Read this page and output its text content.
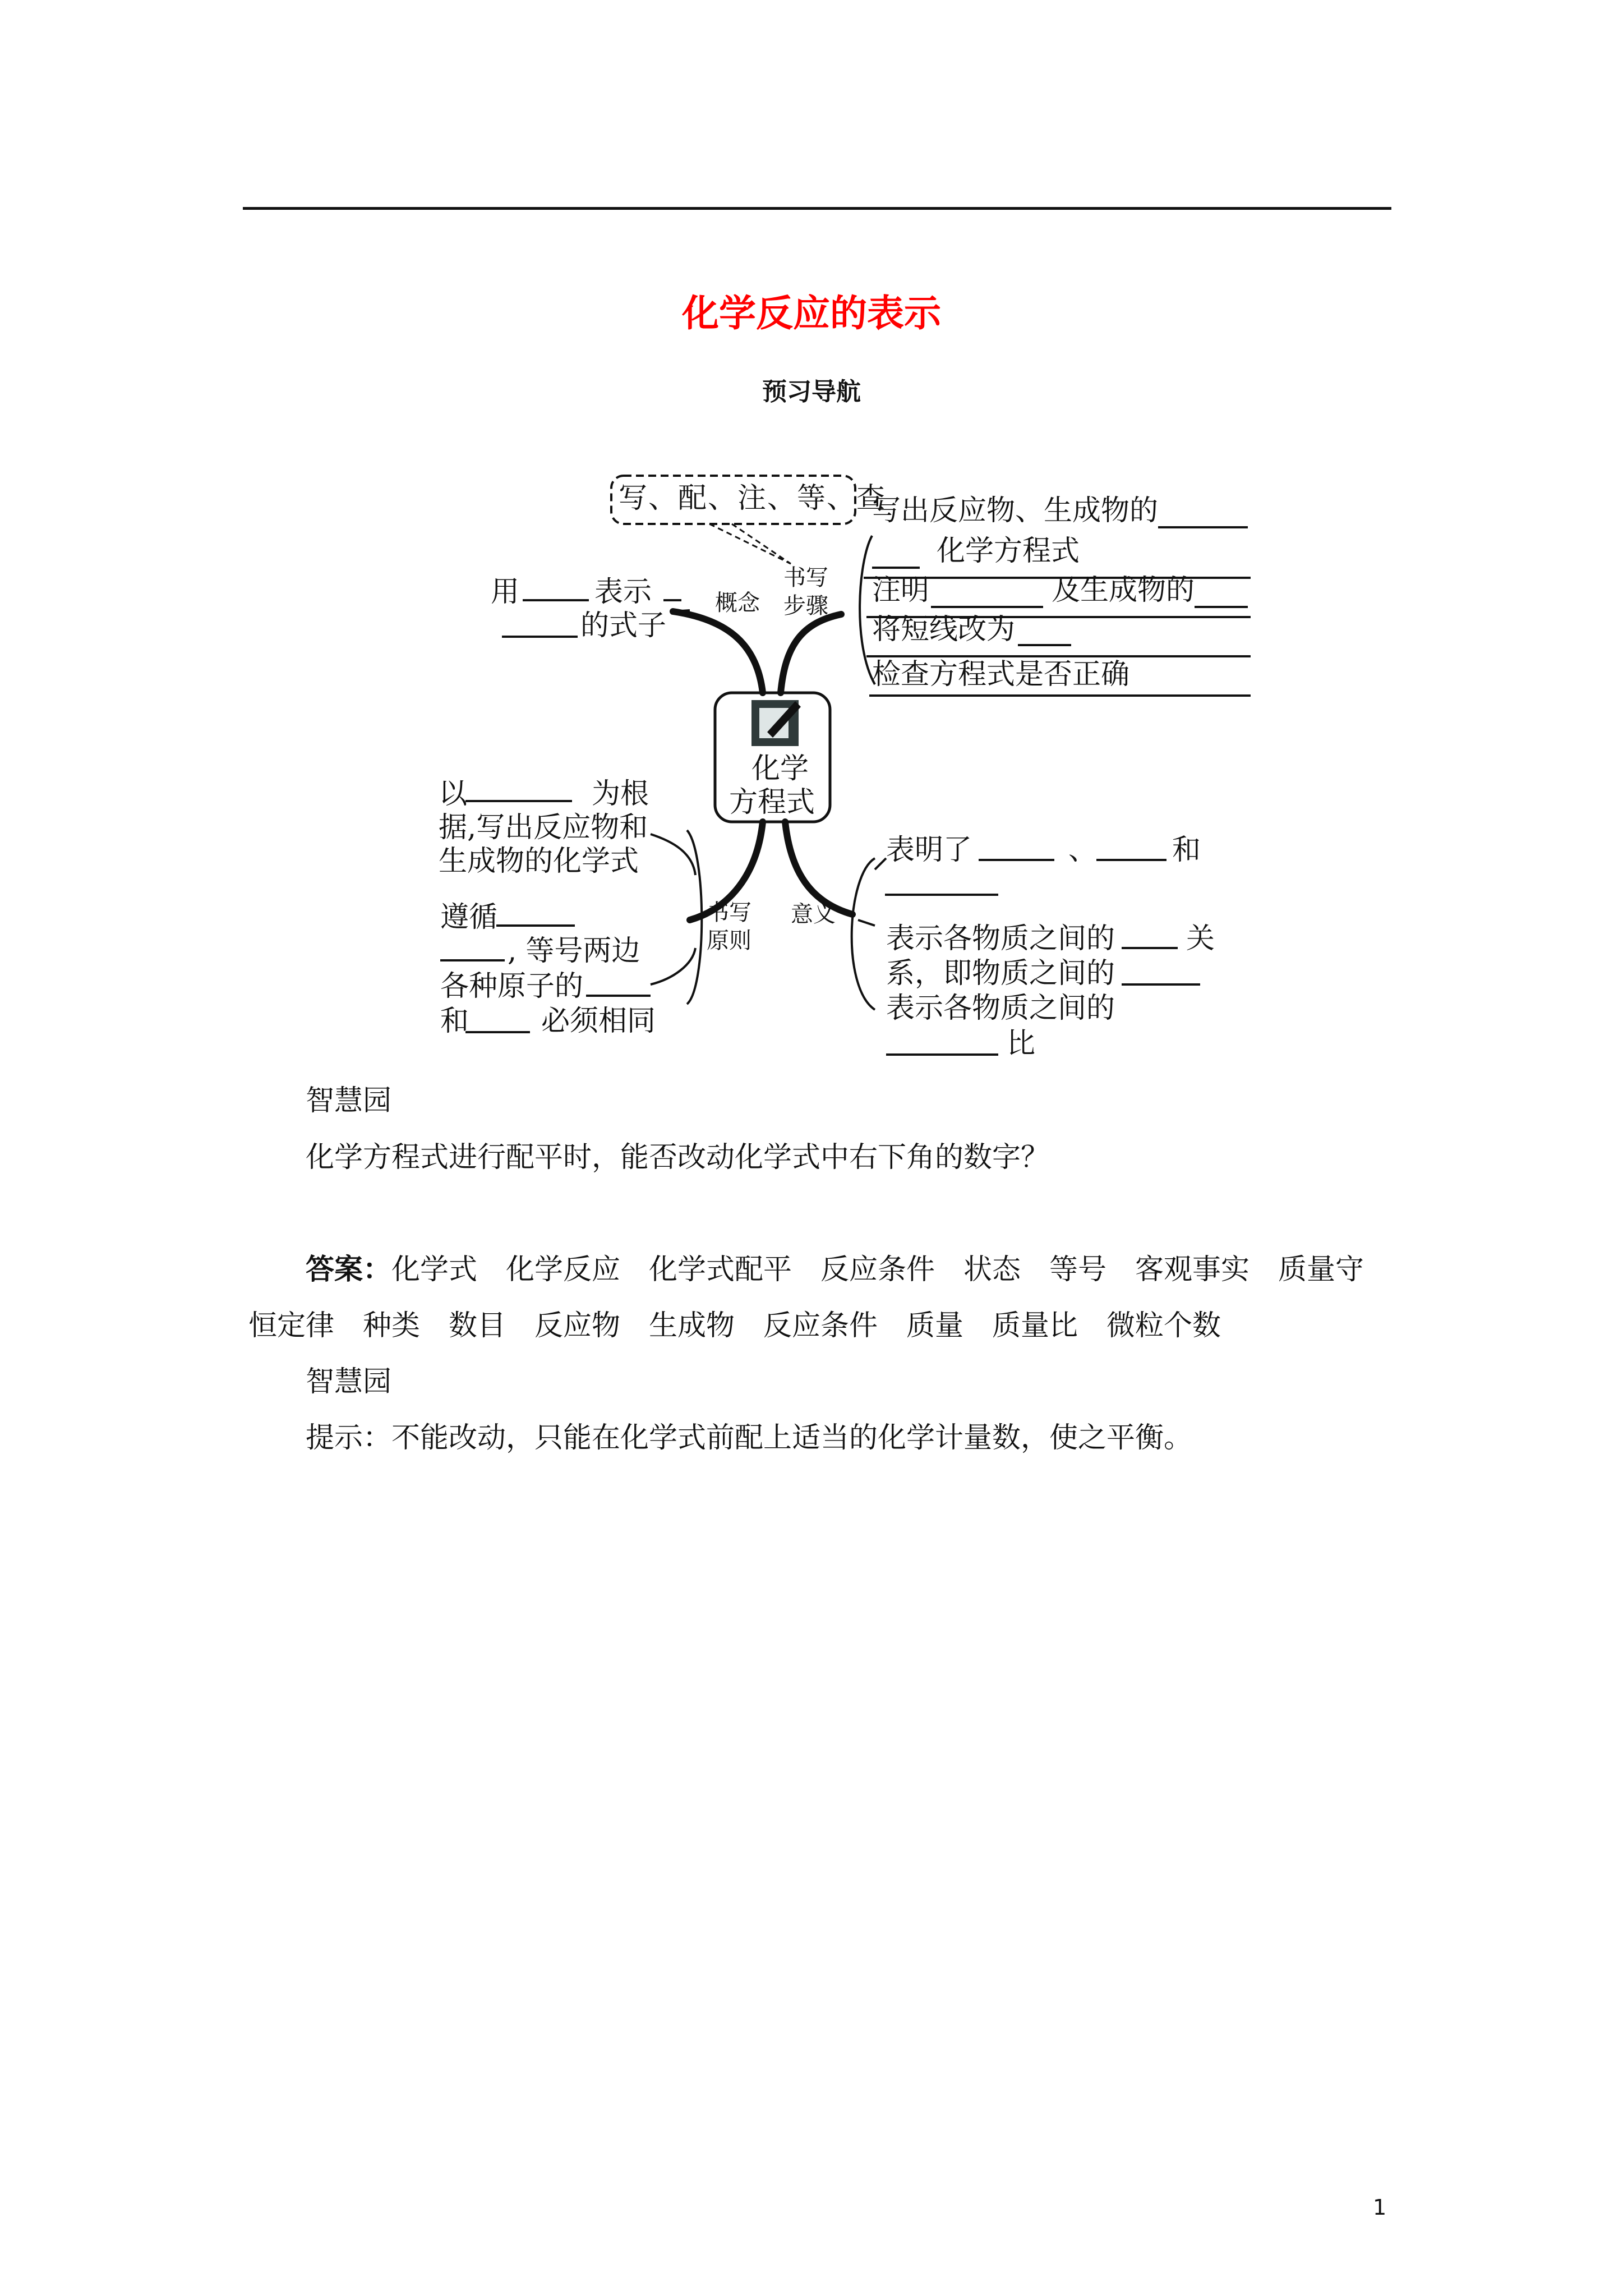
化学反应的表示
预习导航
化学
方程式
写、配、注、等、查
概念
书写
步骤
书写
原则
意义
写出反应物、生成物的
化学方程式
注明	及生成物的
将短线改为
检查方程式是否正确
用	表示
的式子
以	为根
据,写出反应物和
生成物的化学式
遵循
, 等号两边
各种原子的
和	必须相同
表明了	、	和
表示各物质之间的 关
系，即物质之间的
表示各物质之间的
比
智慧园
化学方程式进行配平时，能否改动化学式中右下角的数字？
答案：化学式　化学反应　化学式配平　反应条件　状态　等号　客观事实　质量守
恒定律　种类　数目　反应物　生成物　反应条件　质量　质量比　微粒个数
智慧园
提示：不能改动，只能在化学式前配上适当的化学计量数，使之平衡。
1
